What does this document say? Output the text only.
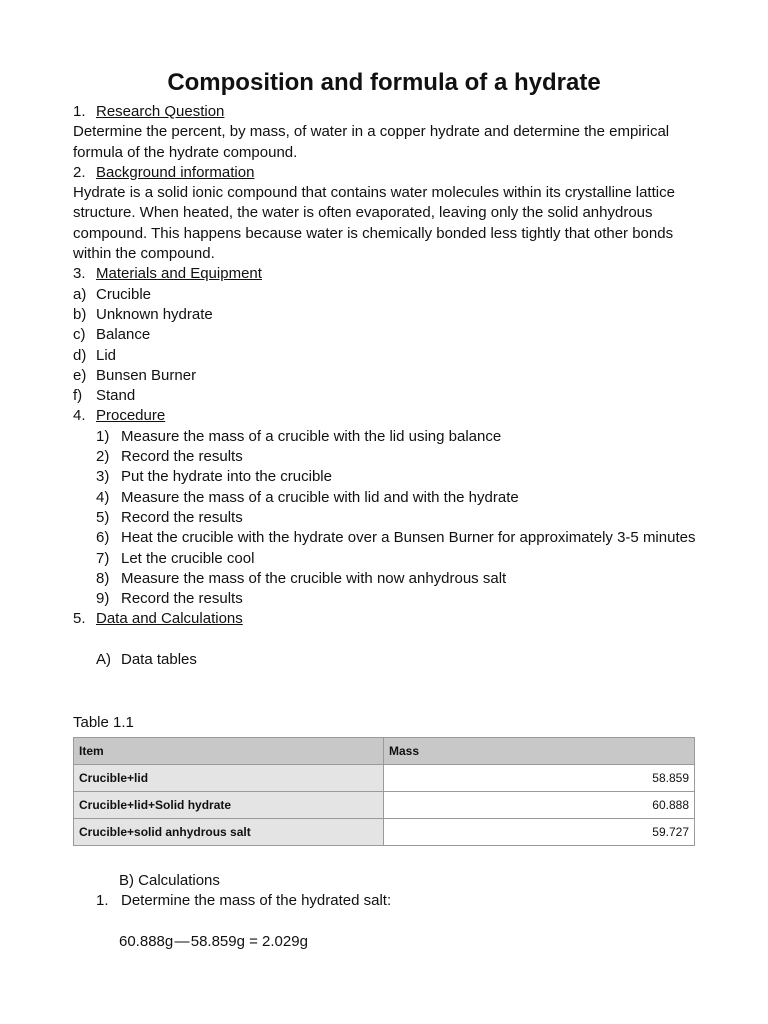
Composition and formula of a hydrate
1. Research Question
Determine the percent, by mass, of water in a copper hydrate and determine the empirical formula of the hydrate compound.
2. Background information
Hydrate is a solid ionic compound that contains water molecules within its crystalline lattice structure. When heated, the water is often evaporated, leaving only the solid anhydrous compound. This happens because water is chemically bonded less tightly that other bonds within the compound.
3. Materials and Equipment
a) Crucible
b) Unknown hydrate
c) Balance
d) Lid
e) Bunsen Burner
f) Stand
4. Procedure
1) Measure the mass of a crucible with the lid using balance
2) Record the results
3) Put the hydrate into the crucible
4) Measure the mass of a crucible with lid and with the hydrate
5) Record the results
6) Heat the crucible with the hydrate over a Bunsen Burner for approximately 3-5 minutes
7) Let the crucible cool
8) Measure the mass of the crucible with now anhydrous salt
9) Record the results
5. Data and Calculations
A) Data tables
Table 1.1
Item	Mass
Crucible+lid	58.859
Crucible+lid+Solid hydrate	60.888
Crucible+solid anhydrous salt	59.727
B) Calculations
1. Determine the mass of the hydrated salt:
60.888g — 58.859g = 2.029g
